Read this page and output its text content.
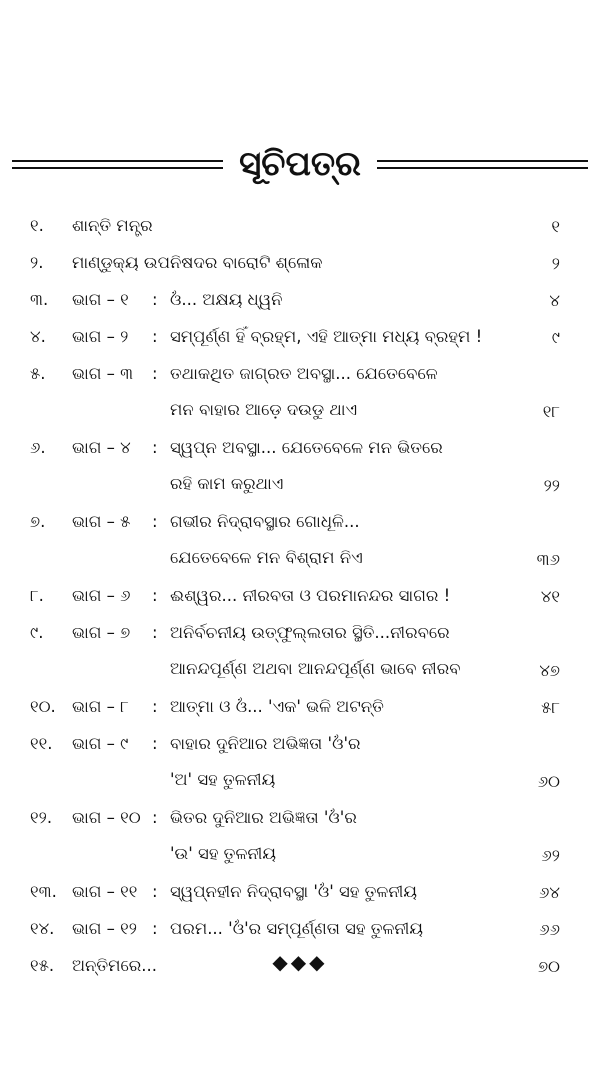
ସୂଚିପତ୍ର
୧. ଶାନ୍ତି ମନ୍ତ୍ର	୧
୨. ମାଣ୍ଡୁକ୍ୟ ଉପନିଷଦର ବାରୋଟି ଶ୍ଳୋକ	୨
୩. ଭାଗ – ୧ : ଓଁ... ଅକ୍ଷୟ ଧ୍ୱନି	୪
୪. ଭାଗ – ୨ : ସମ୍ପୂର୍ଣ୍ଣ ହିଁ ବ୍ରହ୍ମ, ଏହି ଆତ୍ମା ମଧ୍ୟ ବ୍ରହ୍ମ !	୯
୫. ଭାଗ – ୩ : ତଥାକଥିତ ଜାଗ୍ରତ ଅବସ୍ଥା... ଯେତେବେଳେ
ମନ ବାହାର ଆଡ଼େ ଦଉଡୁ ଥାଏ	୧୮
୬. ଭାଗ – ୪ : ସ୍ୱପ୍ନ ଅବସ୍ଥା... ଯେତେବେଳେ ମନ ଭିତରେ
ରହି କାମ କରୁଥାଏ	୨୨
୭. ଭାଗ – ୫ : ଗଭୀର ନିଦ୍ରାବସ୍ଥାର ଗୋଧୂଳି...
ଯେତେବେଳେ ମନ ବିଶ୍ରାମ ନିଏ	୩୬
୮. ଭାଗ – ୬ : ଈଶ୍ୱର... ନୀରବତା ଓ ପରମାନନ୍ଦର ସାଗର !	୪୧
୯. ଭାଗ – ୭ : ଅନିର୍ବଚନୀୟ ଉତ୍‌ଫୁଲ୍ଲତାର ସ୍ଥିତି...ନୀରବରେ
ଆନନ୍ଦପୂର୍ଣ୍ଣ ଅଥବା ଆନନ୍ଦପୂର୍ଣ୍ଣ ଭାବେ ନୀରବ	୪୭
୧୦. ଭାଗ – ୮ : ଆତ୍ମା ଓ ଓଁ... 'ଏକ' ଭଳି ଅଟନ୍ତି	୫୮
୧୧. ଭାଗ – ୯ : ବାହାର ଦୁନିଆର ଅଭିଜ୍ଞତା 'ଓଁ'ର
'ଅ' ସହ ତୁଳନୀୟ	୬୦
୧୨. ଭାଗ – ୧୦ : ଭିତର ଦୁନିଆର ଅଭିଜ୍ଞତା 'ଓଁ'ର
'ଉ' ସହ ତୁଳନୀୟ	୬୨
୧୩. ଭାଗ – ୧୧ : ସ୍ୱପ୍ନହୀନ ନିଦ୍ରାବସ୍ଥା 'ଓଁ' ସହ ତୁଳନୀୟ	୬୪
୧୪. ଭାଗ – ୧୨ : ପରମ... 'ଓଁ'ର ସମ୍ପୂର୍ଣ୍ଣତା ସହ ତୁଳନୀୟ	୬୬
୧୫. ଅନ୍ତିମରେ...	୭୦
◆◆◆
